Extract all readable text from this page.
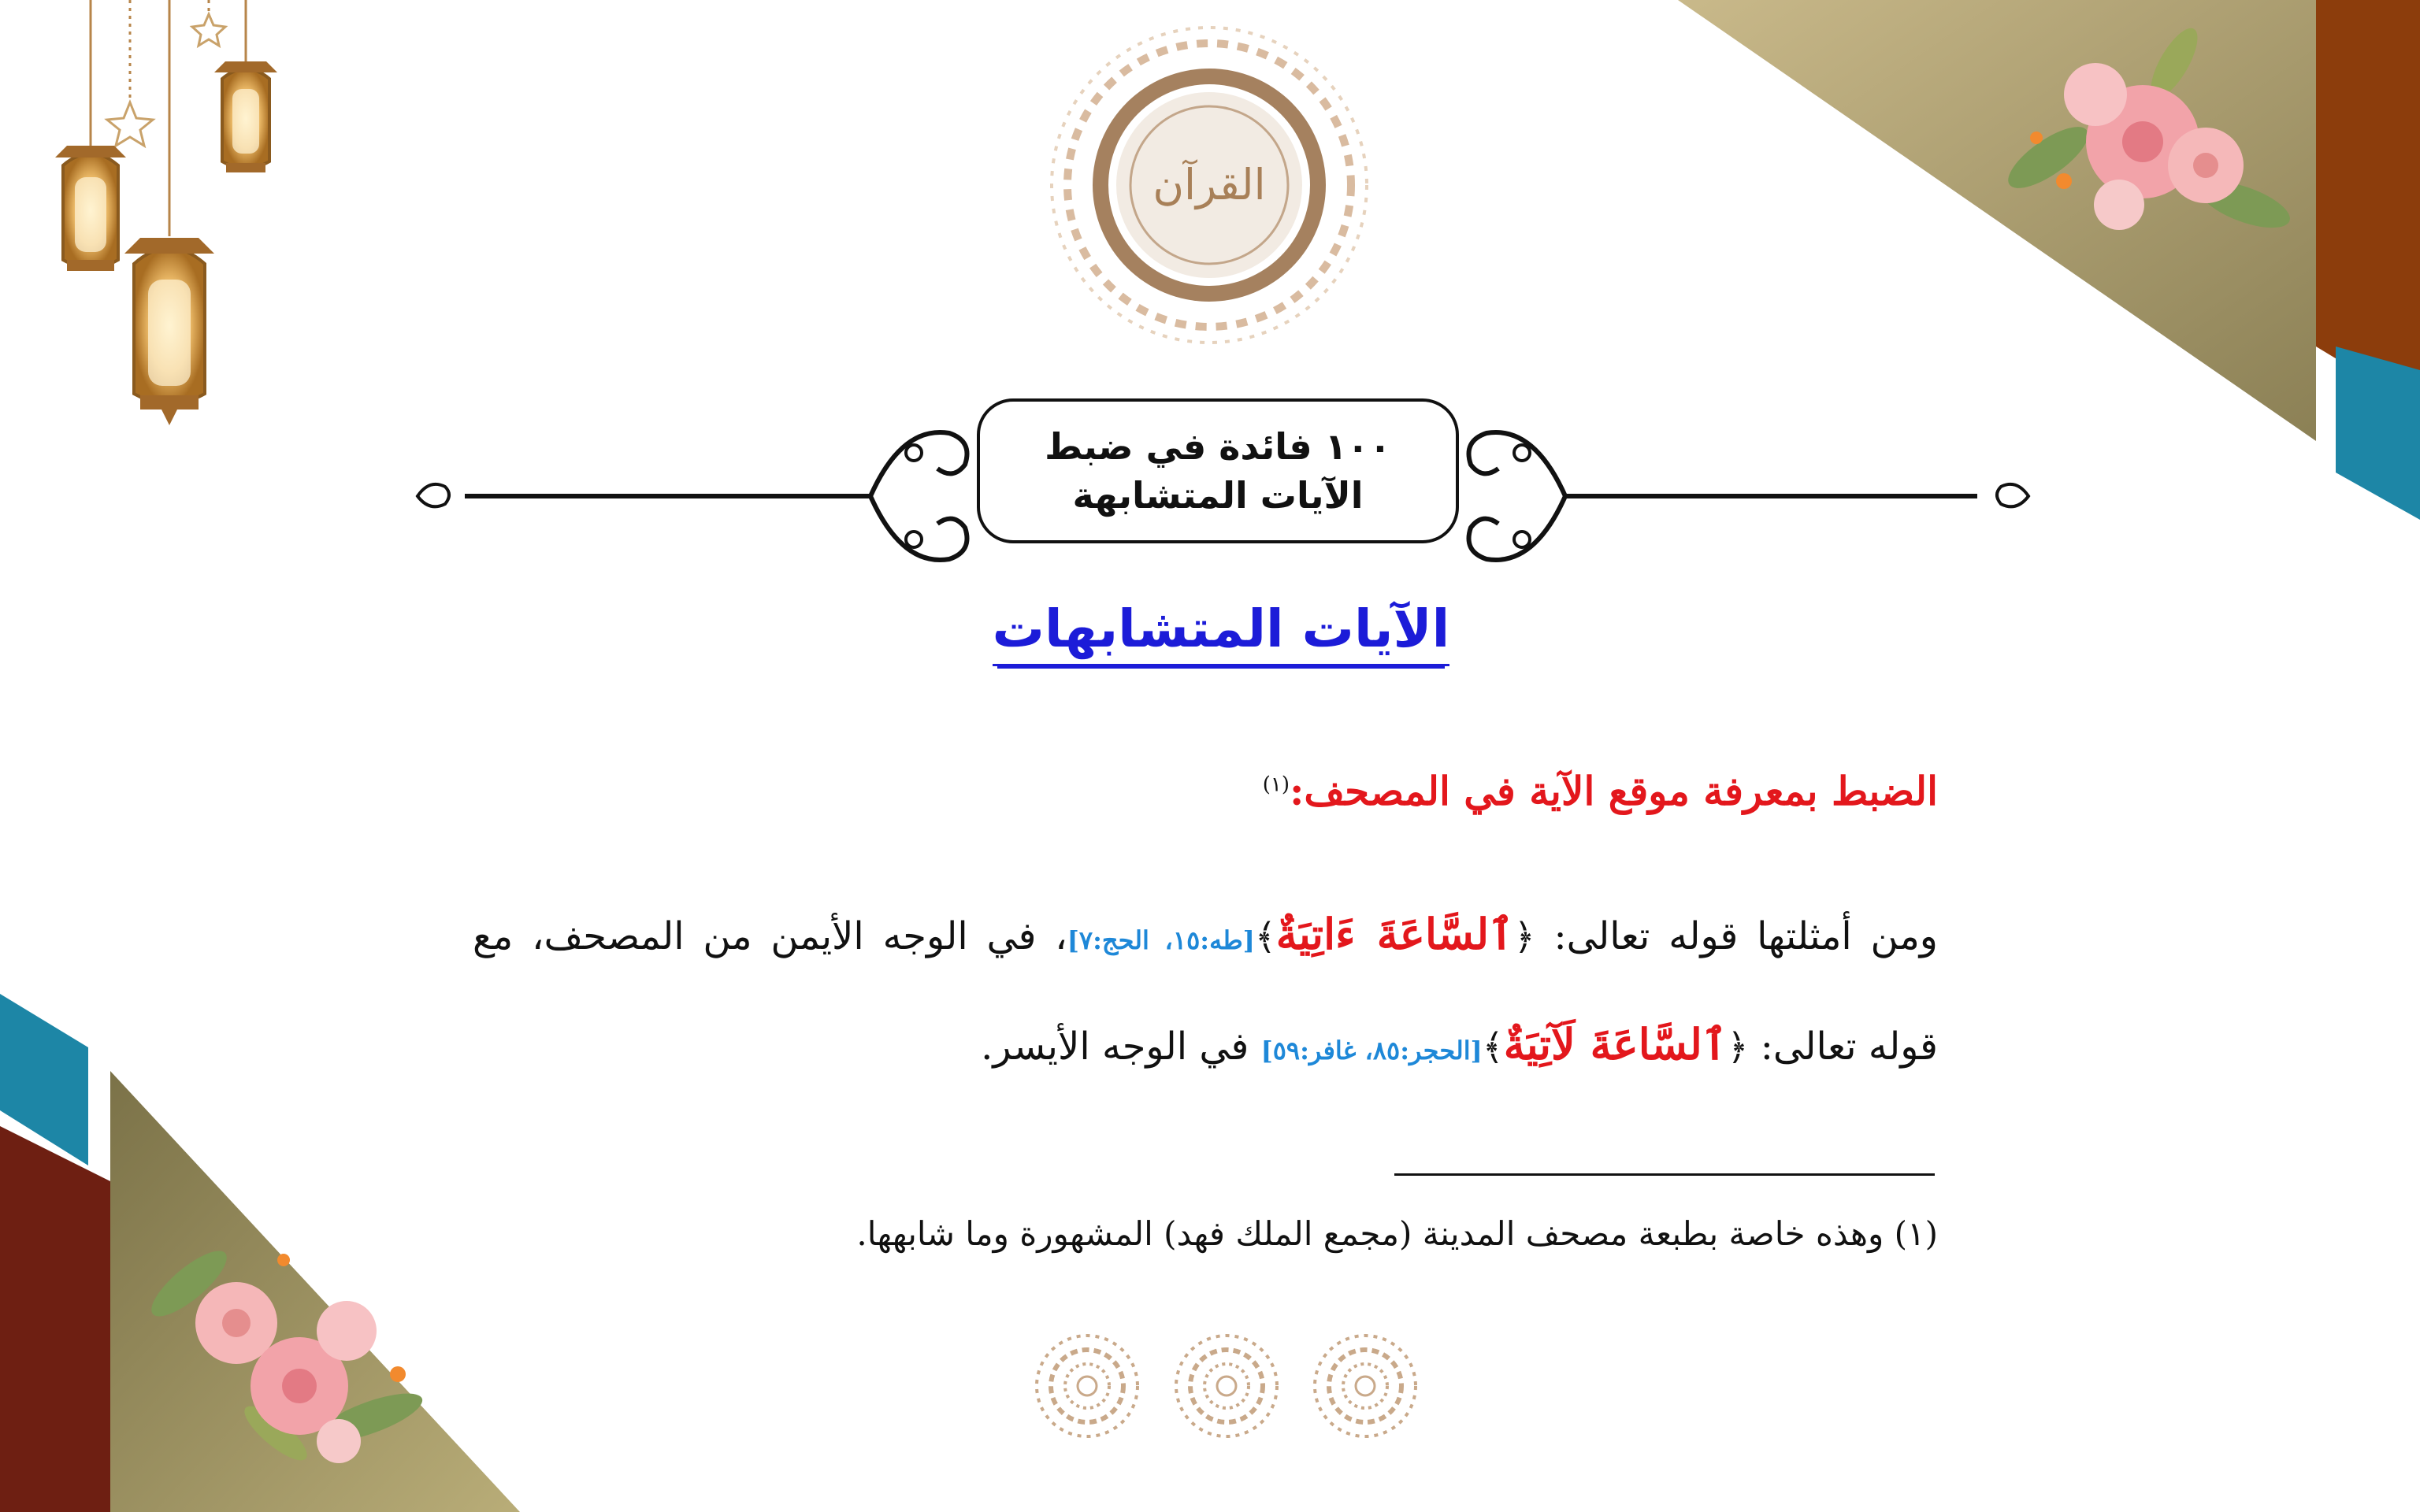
القرآن
١٠٠ فائدة في ضبط
الآيات المتشابهة
الآيات المتشابهات
الضبط بمعرفة موقع الآية في المصحف:$^{(١)}$
ومن أمثلتها قوله تعالى: ﴿ٱلسَّاعَةَ ءَاتِيَةٌ﴾[طه:١٥، الحج:٧]، في الوجه الأيمن من المصحف، مع قوله تعالى: ﴿ٱلسَّاعَةَ لَآتِيَةٌ﴾[الحجر:٨٥، غافر:٥٩] في الوجه الأيسر.
(١) وهذه خاصة بطبعة مصحف المدينة (مجمع الملك فهد) المشهورة وما شابهها.
